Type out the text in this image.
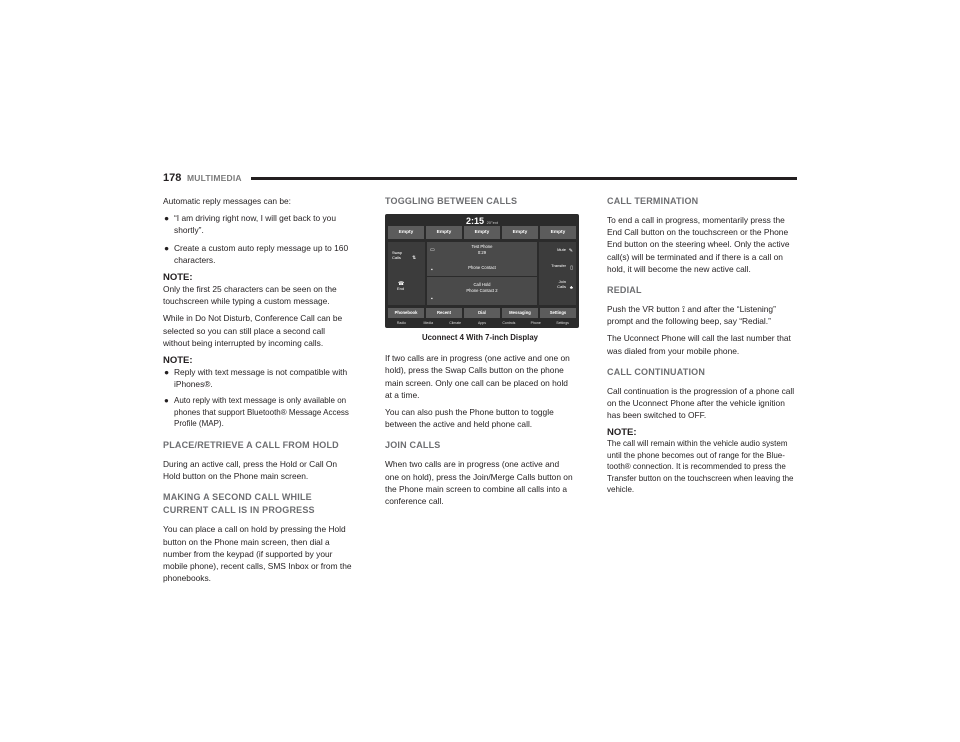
178 MULTIMEDIA

Automatic reply messages can be:

● “I am driving right now, I will get back to you shortly”.
● Create a custom auto reply message up to 160 characters.
NOTE:

Only the first 25 characters can be seen on the touchscreen while typing a custom message.

While in Do Not Disturb, Conference Call can be selected so you can still place a second call without being interrupted by incoming calls.

NOTE:
● Reply with text message is not compatible with iPhones®.
● Auto reply with text message is only available on phones that support Bluetooth® Message Access Profile (MAP).
PLACE/RETRIEVE A CALL FROM HOLD

During an active call, press the Hold or Call On Hold button on the Phone main screen.

MAKING A SECOND CALL WHILE CURRENT CALL IS IN PROGRESS

You can place a call on hold by pressing the Hold button on the Phone main screen, then dial a number from the keypad (if supported by your mobile phone), recent calls, SMS Inbox or from the phonebooks.

TOGGLING BETWEEN CALLS
2:15 20°ext
Empty	Empty	Empty	Empty	Empty
Swap Calls	⇅
☎
End
▭
Test Phone
0:29
▪	Phone Contact
Call Hold
Phone Contact 2
▪
Mute ✎
Transfer ▯
Join Calls ♣
Phonebook	Recent	Dial	Messaging	Settings
Radio	Media	Climate	Apps	Controls	Phone	Settings
Uconnect 4 With 7-inch Display

If two calls are in progress (one active and one on hold), press the Swap Calls button on the phone main screen. Only one call can be placed on hold at a time.

You can also push the Phone button to toggle between the active and held phone call.

JOIN CALLS

When two calls are in progress (one active and one on hold), press the Join/Merge Calls button on the Phone main screen to combine all calls into a conference call.

CALL TERMINATION

To end a call in progress, momentarily press the End Call button on the touchscreen or the Phone End button on the steering wheel. Only the active call(s) will be terminated and if there is a call on hold, it will become the new active call.

REDIAL

Push the VR button ⟟ and after the “Listening” prompt and the following beep, say “Redial.”

The Uconnect Phone will call the last number that was dialed from your mobile phone.

CALL CONTINUATION

Call continuation is the progression of a phone call on the Uconnect Phone after the vehicle ignition has been switched to OFF.

NOTE:

The call will remain within the vehicle audio system until the phone becomes out of range for the Blue-tooth® connection. It is recommended to press the Transfer button on the touchscreen when leaving the vehicle.
